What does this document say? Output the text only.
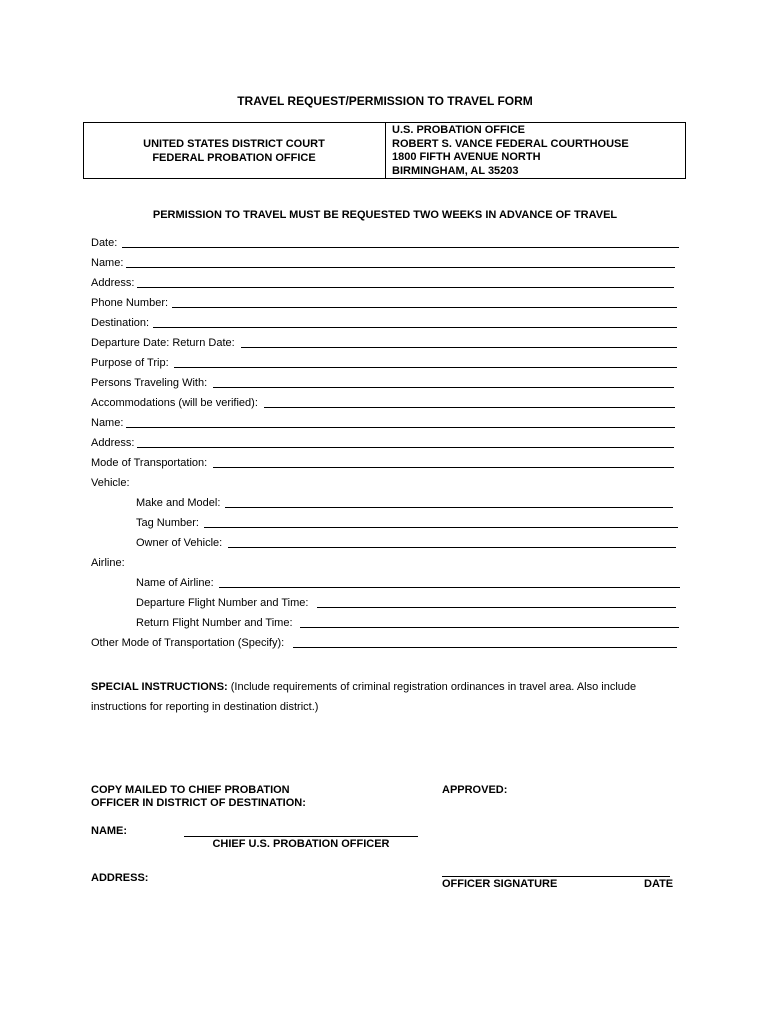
TRAVEL REQUEST/PERMISSION TO TRAVEL FORM
UNITED STATES DISTRICT COURT
FEDERAL PROBATION OFFICE
U.S. PROBATION OFFICE
ROBERT S. VANCE FEDERAL COURTHOUSE
1800 FIFTH AVENUE NORTH
BIRMINGHAM, AL 35203
PERMISSION TO TRAVEL MUST BE REQUESTED TWO WEEKS IN ADVANCE OF TRAVEL
Date:
Name:
Address:
Phone Number:
Destination:
Departure Date: Return Date:
Purpose of Trip:
Persons Traveling With:
Accommodations (will be verified):
Name:
Address:
Mode of Transportation:
Vehicle:
Make and Model:
Tag Number:
Owner of Vehicle:
Airline:
Name of Airline:
Departure Flight Number and Time:
Return Flight Number and Time:
Other Mode of Transportation (Specify):
SPECIAL INSTRUCTIONS: (Include requirements of criminal registration ordinances in travel area. Also include instructions for reporting in destination district.)
COPY MAILED TO CHIEF PROBATION
OFFICER IN DISTRICT OF DESTINATION:
APPROVED:
NAME:
CHIEF U.S. PROBATION OFFICER
ADDRESS:	OFFICER SIGNATURE	DATE
